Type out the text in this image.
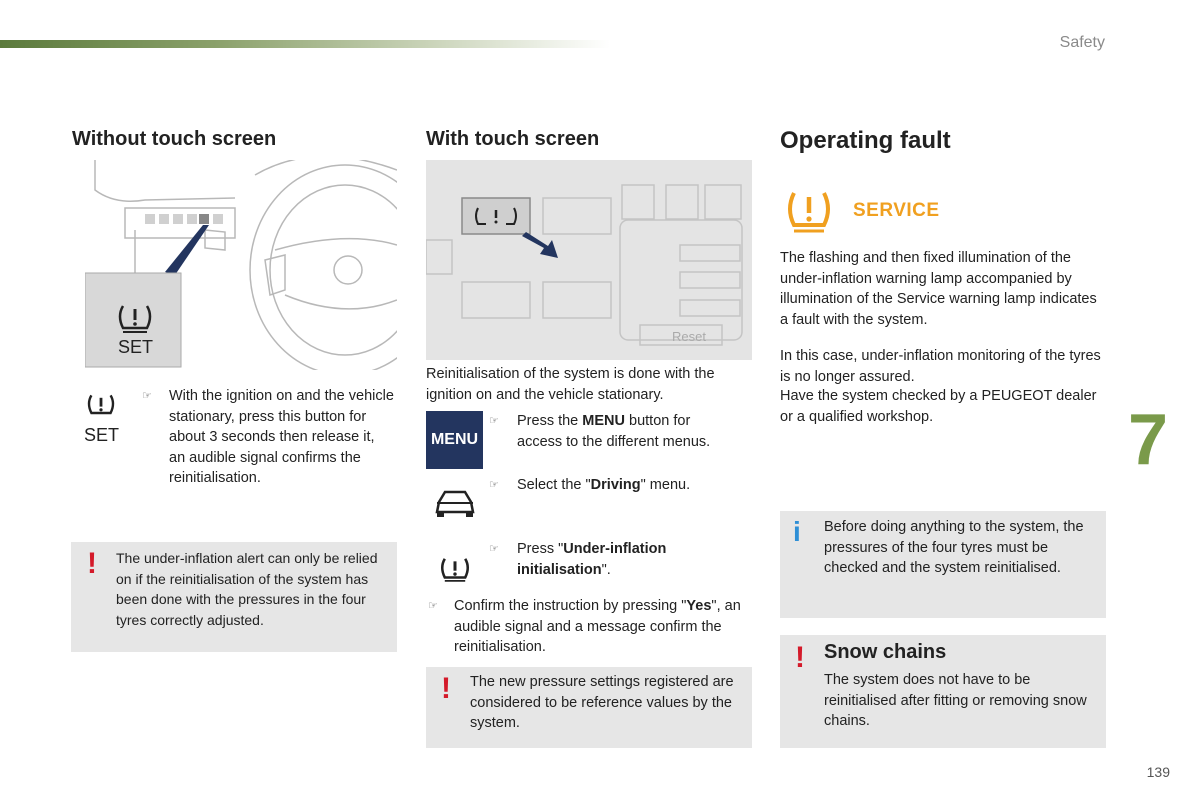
Safety
7
139
Without touch screen
SET
SET
☞ With the ignition on and the vehicle stationary, press this button for about 3 seconds then release it, an audible signal confirms the reinitialisation.
! The under-inflation alert can only be relied on if the reinitialisation of the system has been done with the pressures in the four tyres correctly adjusted.
With touch screen
Reset
Reinitialisation of the system is done with the ignition on and the vehicle stationary.
MENU
☞ Press the MENU button for access to the different menus.
☞ Select the "Driving" menu.
☞ Press "Under-inflation initialisation".
☞ Confirm the instruction by pressing "Yes", an audible signal and a message confirm the reinitialisation.
! The new pressure settings registered are considered to be reference values by the system.
Operating fault
SERVICE
The flashing and then fixed illumination of the under-inflation warning lamp accompanied by illumination of the Service warning lamp indicates a fault with the system.
In this case, under-inflation monitoring of the tyres is no longer assured.
Have the system checked by a PEUGEOT dealer or a qualified workshop.
i Before doing anything to the system, the pressures of the four tyres must be checked and the system reinitialised.
! Snow chains
The system does not have to be reinitialised after fitting or removing snow chains.
